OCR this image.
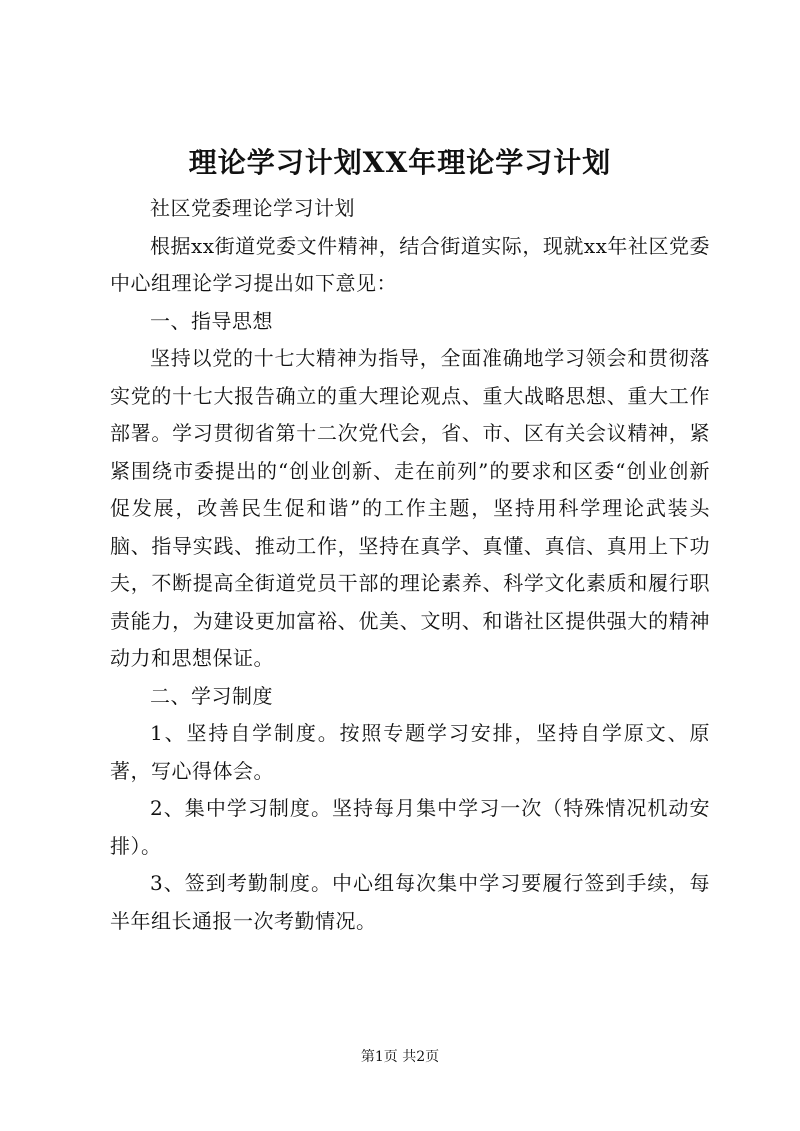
理论学习计划XX年理论学习计划

社区党委理论学习计划

根据xx街道党委文件精神，结合街道实际，现就xx年社区党委中心组理论学习提出如下意见：

一、指导思想

坚持以党的十七大精神为指导，全面准确地学习领会和贯彻落实党的十七大报告确立的重大理论观点、重大战略思想、重大工作部署。学习贯彻省第十二次党代会，省、市、区有关会议精神，紧紧围绕市委提出的“创业创新、走在前列”的要求和区委“创业创新促发展，改善民生促和谐”的工作主题，坚持用科学理论武装头脑、指导实践、推动工作，坚持在真学、真懂、真信、真用上下功夫，不断提高全街道党员干部的理论素养、科学文化素质和履行职责能力，为建设更加富裕、优美、文明、和谐社区提供强大的精神动力和思想保证。

二、学习制度

1、坚持自学制度。按照专题学习安排，坚持自学原文、原著，写心得体会。

2、集中学习制度。坚持每月集中学习一次（特殊情况机动安排）。

3、签到考勤制度。中心组每次集中学习要履行签到手续，每半年组长通报一次考勤情况。

第1页 共2页
